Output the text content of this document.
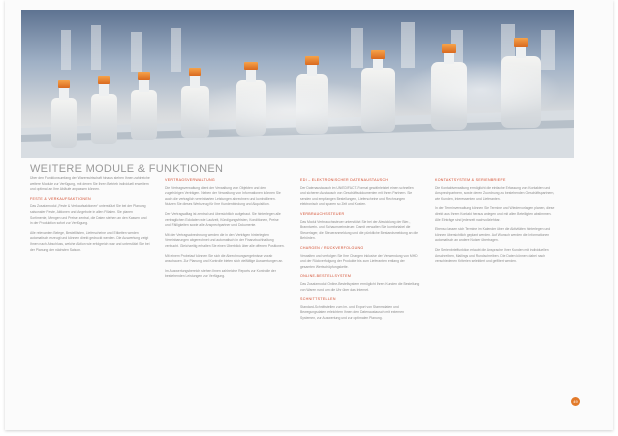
WEITERE MODULE & FUNKTIONEN

Über den Funktionsumfang der Warenwirtschaft hinaus stehen Ihnen zahlreiche weitere Module zur Verfügung, mit denen Sie Ihren Betrieb individuell erweitern und optimal an Ihre Abläufe anpassen können.

FESTE & VERKAUFSAKTIONEN

Das Zusatzmodul „Feste & Verkaufsaktionen“ unterstützt Sie bei der Planung saisonaler Feste, Aktionen und Angebote in allen Filialen. Sie planen Sortimente, Mengen und Preise zentral, die Daten stehen an den Kassen und in der Produktion sofort zur Verfügung.

Alle relevanten Belege, Bestelllisten, Lieferscheine und Etiketten werden automatisch erzeugt und können direkt gedruckt werden. Die Auswertung zeigt Ihnen nach Abschluss, welche Aktion wie erfolgreich war und unterstützt Sie bei der Planung der nächsten Saison.

VERTRAGSVERWALTUNG

Die Vertragsverwaltung dient der Verwaltung von Objekten und den zugehörigen Verträgen. Neben der Verwaltung von Informationen können Sie auch die vertraglich vereinbarten Leistungen abrechnen und kontrollieren. Nutzen Sie dieses Werkzeug für Ihre Kundenbindung und Akquisition.

Der Vertragsalltag ist zentral und übersichtlich aufgebaut. Sie hinterlegen alle vertraglichen Eckdaten wie Laufzeit, Kündigungsfristen, Konditionen, Preise und Fälligkeiten sowie alle Ansprechpartner und Dokumente.

Mit der Vertragsabrechnung werden die in den Verträgen hinterlegten Vereinbarungen abgerechnet und automatisch in der Finanzbuchhaltung verbucht. Gleichzeitig erhalten Sie einen Überblick über alle offenen Positionen.

Mit einem Probelauf können Sie sich die Abrechnungsergebnisse vorab anschauen. Zur Planung und Kontrolle bieten sich vielfältige Auswertungen an.

Im Auswertungsbereich stehen Ihnen zahlreiche Reports zur Kontrolle der bestehenden Leistungen zur Verfügung.

EDI – ELEKTRONISCHER DATENAUSTAUSCH

Der Datenaustausch im UN/EDIFACT-Format gewährleistet einen schnellen und sicheren Austausch von Geschäftsdokumenten mit Ihren Partnern. Sie senden und empfangen Bestellungen, Lieferscheine und Rechnungen elektronisch und sparen so Zeit und Kosten.

VERBRAUCHSSTEUER

Das Modul Verbrauchssteuer unterstützt Sie bei der Abwicklung der Bier-, Branntwein- und Schaumweinsteuer. Damit verwalten Sie komfortabel die Steuerlager, die Steueranmeldung und die pünktliche Bestandsmeldung an die Behörden.

CHARGEN / RÜCKVERFOLGUNG

Verwalten und verfolgen Sie Ihre Chargen inklusive der Verwendung von MHD und der Rückverfolgung der Produkte bis zum Lieferanten entlang der gesamten Wertschöpfungskette.

ONLINE-BESTELLSYSTEM

Das Zusatzmodul Online-Bestellsystem ermöglicht Ihren Kunden die Bestellung von Waren rund um die Uhr über das Internet.

SCHNITTSTELLEN

Standard-Schnittstellen zum Im- und Export von Stammdaten und Bewegungsdaten erleichtern Ihnen den Datenaustausch mit externen Systemen, zur Auswertung und zur optimalen Planung.

KONTAKTSYSTEM & SERIENBRIEFE

Die Kontaktverwaltung ermöglicht die einfache Erfassung von Kontakten und Ansprechpartnern, sowie deren Zuordnung zu bestehenden Geschäftspartnern, wie Kunden, Interessenten und Lieferanten.

In der Terminverwaltung können Sie Termine und Wiedervorlagen planen, diese direkt aus Ihrem Kontakt heraus anlegen und mit allen Beteiligten abstimmen. Alle Einträge sind jederzeit nachvollziehbar.

Ebenso lassen sich Termine im Kalender über die Aktivitäten hinterlegen und können übersichtlich geplant werden. Auf Wunsch werden die Informationen automatisch an andere Nutzer übertragen.

Die Serienbrieffunktion erlaubt die Ansprache Ihrer Kunden mit individuellen Anschreiben, Mailings und Rundschreiben. Die Daten können dabei nach verschiedenen Kriterien selektiert und gefiltert werden.

49
